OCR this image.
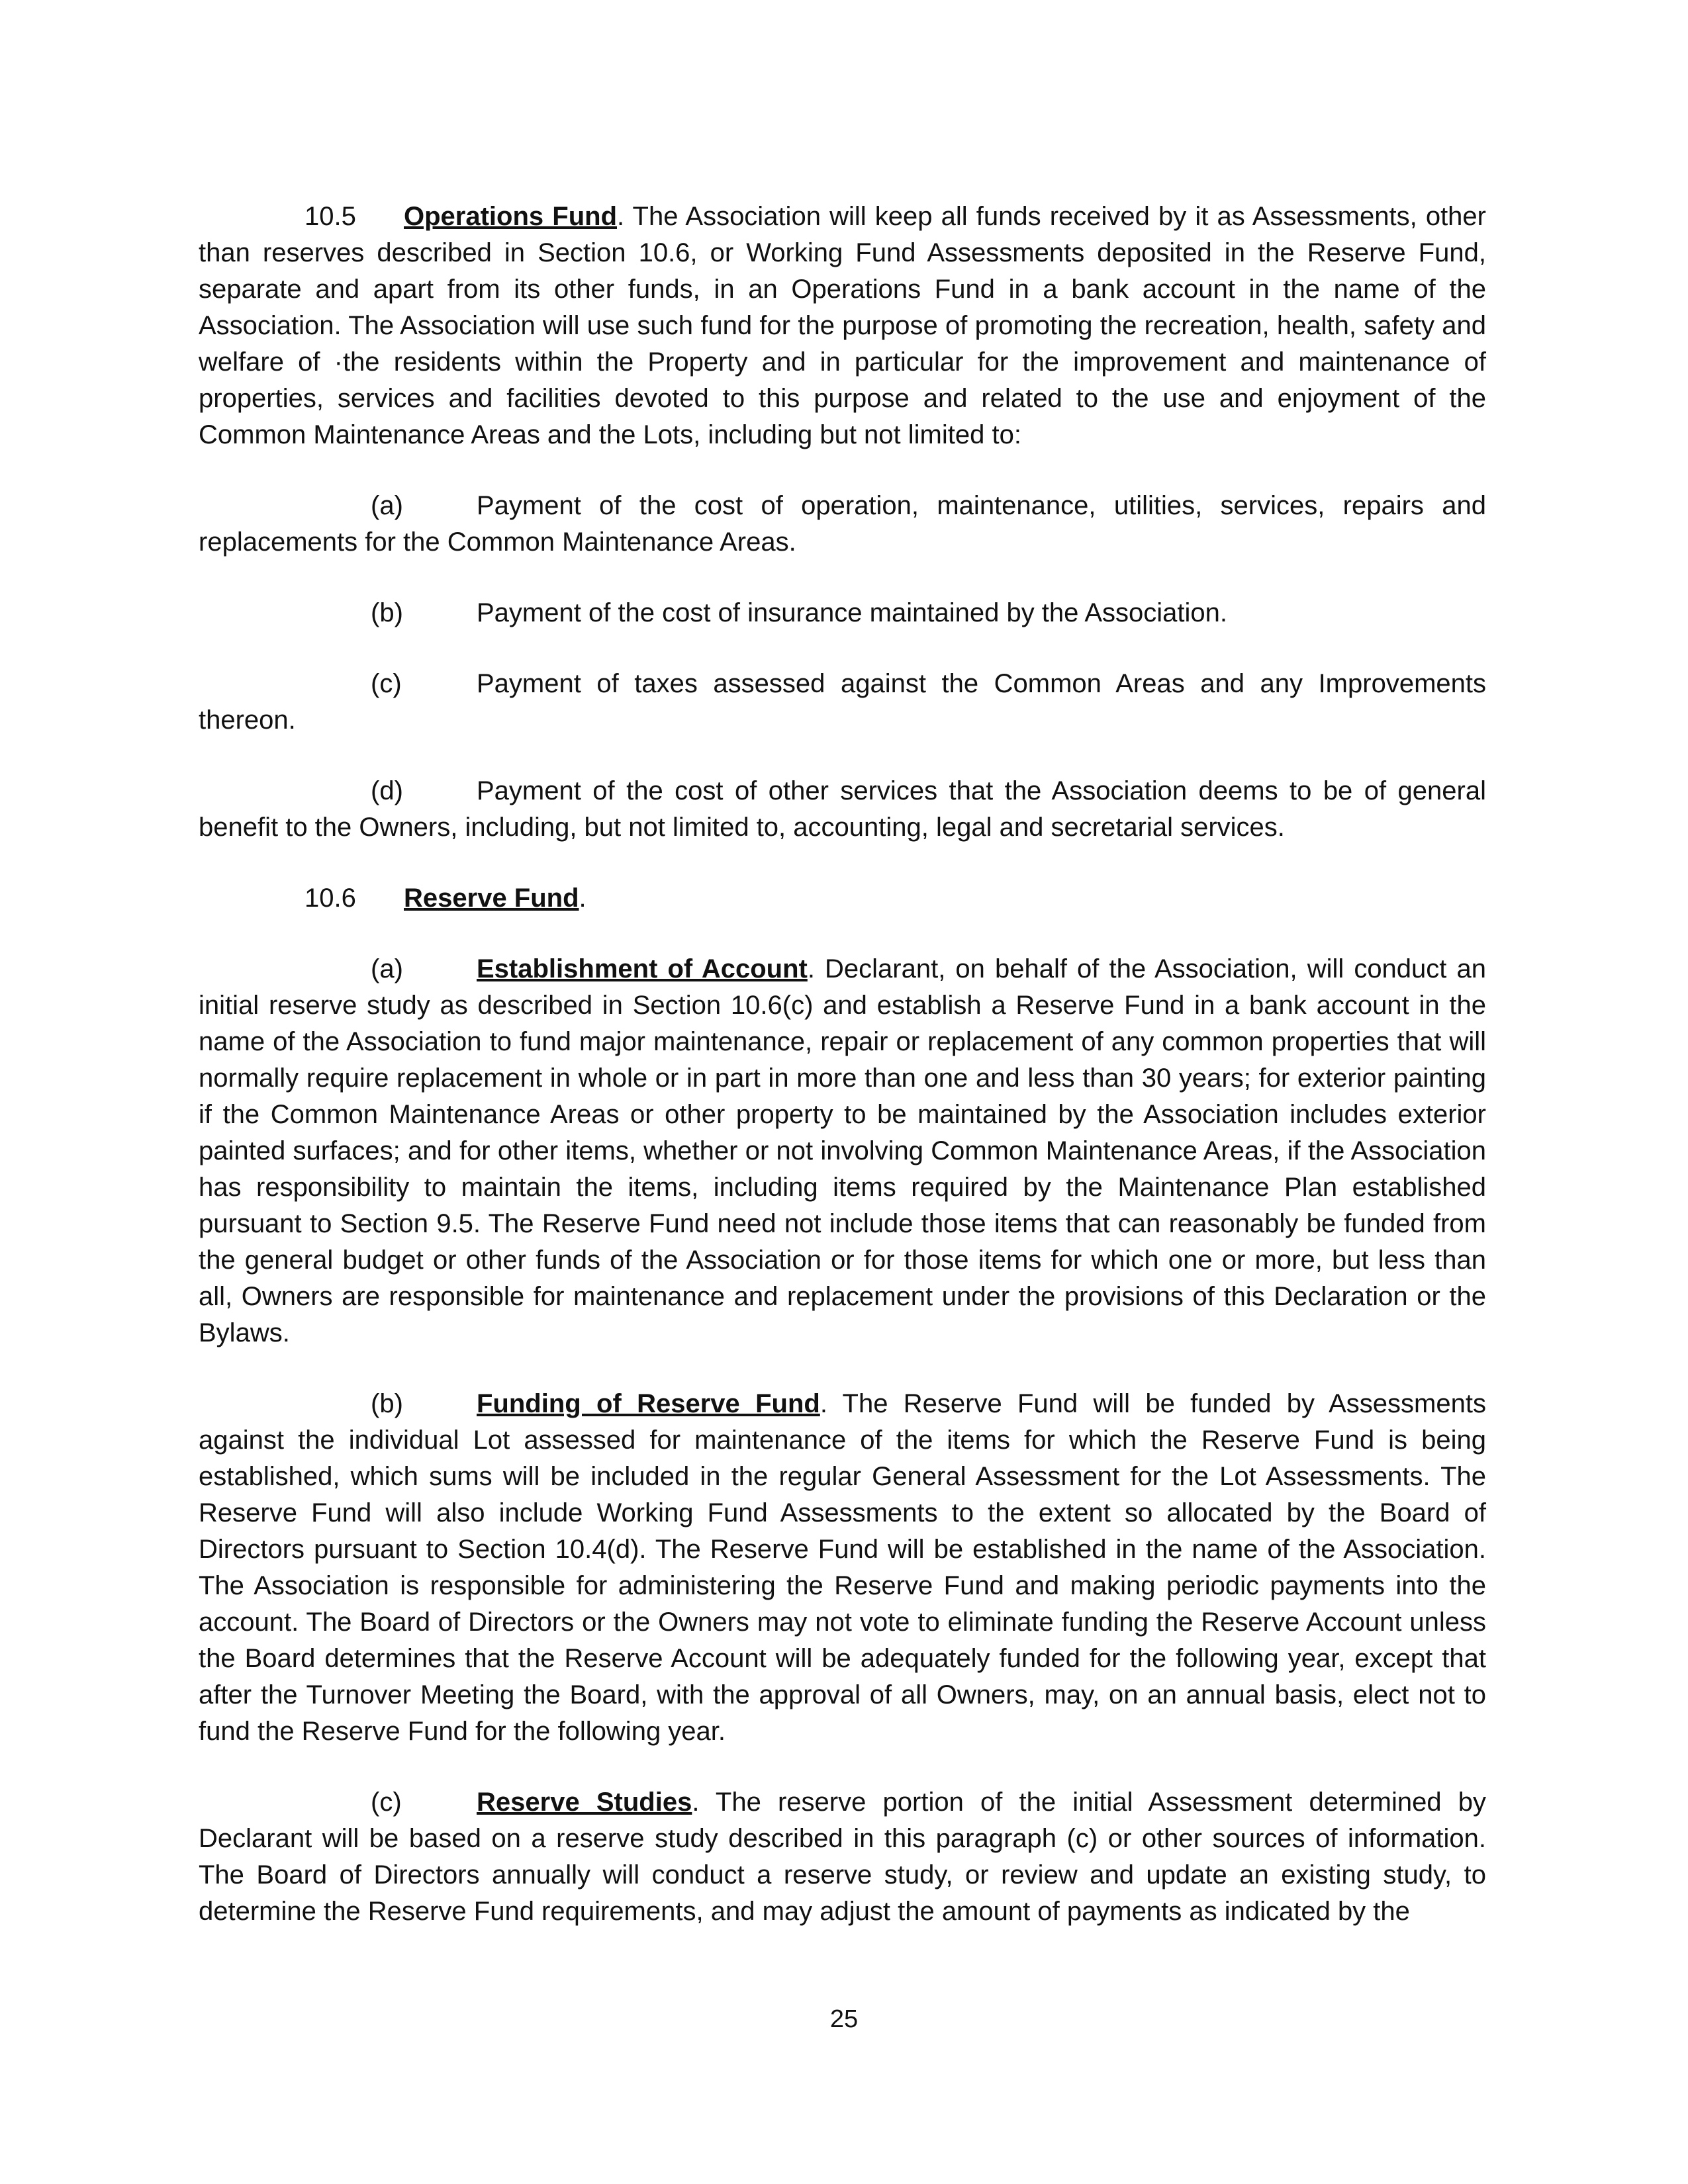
10.5 Operations Fund. The Association will keep all funds received by it as Assessments, other than reserves described in Section 10.6, or Working Fund Assessments deposited in the Reserve Fund, separate and apart from its other funds, in an Operations Fund in a bank account in the name of the Association. The Association will use such fund for the purpose of promoting the recreation, health, safety and welfare of ·the residents within the Property and in particular for the improvement and maintenance of properties, services and facilities devoted to this purpose and related to the use and enjoyment of the Common Maintenance Areas and the Lots, including but not limited to:

(a)	Payment of the cost of operation, maintenance, utilities, services, repairs and replacements for the Common Maintenance Areas.

(b)	Payment of the cost of insurance maintained by the Association.
(c)	Payment of taxes assessed against the Common Areas and any Improvements
thereon.

(d)	Payment of the cost of other services that the Association deems to be of general benefit to the Owners, including, but not limited to, accounting, legal and secretarial services.

10.6 Reserve Fund.

(a)	Establishment of Account. Declarant, on behalf of the Association, will conduct an initial reserve study as described in Section 10.6(c) and establish a Reserve Fund in a bank account in the name of the Association to fund major maintenance, repair or replacement of any common properties that will normally require replacement in whole or in part in more than one and less than 30 years; for exterior painting if the Common Maintenance Areas or other property to be maintained by the Association includes exterior painted surfaces; and for other items, whether or not involving Common Maintenance Areas, if the Association has responsibility to maintain the items, including items required by the Maintenance Plan established pursuant to Section 9.5. The Reserve Fund need not include those items that can reasonably be funded from the general budget or other funds of the Association or for those items for which one or more, but less than all, Owners are responsible for maintenance and replacement under the provisions of this Declaration or the Bylaws.

(b)	Funding of Reserve Fund. The Reserve Fund will be funded by Assessments against the individual Lot assessed for maintenance of the items for which the Reserve Fund is being established, which sums will be included in the regular General Assessment for the Lot Assessments. The Reserve Fund will also include Working Fund Assessments to the extent so allocated by the Board of Directors pursuant to Section 10.4(d). The Reserve Fund will be established in the name of the Association. The Association is responsible for administering the Reserve Fund and making periodic payments into the account. The Board of Directors or the Owners may not vote to eliminate funding the Reserve Account unless the Board determines that the Reserve Account will be adequately funded for the following year, except that after the Turnover Meeting the Board, with the approval of all Owners, may, on an annual basis, elect not to fund the Reserve Fund for the following year.

(c)	Reserve Studies. The reserve portion of the initial Assessment determined by Declarant will be based on a reserve study described in this paragraph (c) or other sources of information. The Board of Directors annually will conduct a reserve study, or review and update an existing study, to determine the Reserve Fund requirements, and may adjust the amount of payments as indicated by the

25
